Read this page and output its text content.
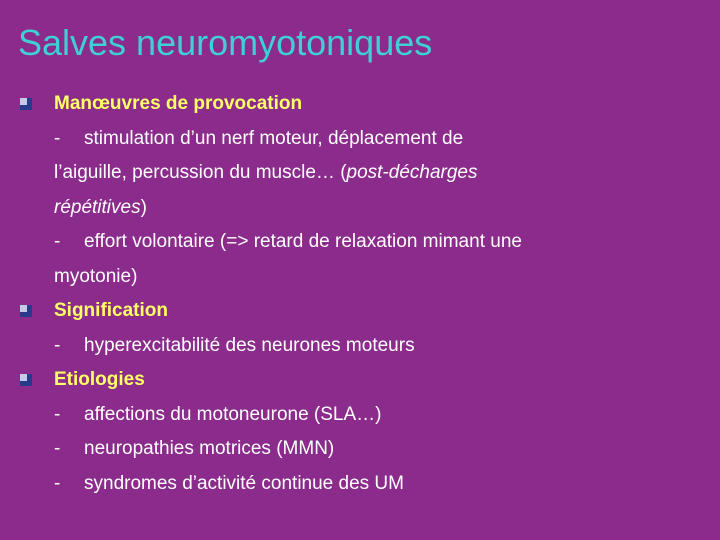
Salves neuromyotoniques
Manœuvres de provocation
- stimulation d’un nerf moteur, déplacement de
l’aiguille, percussion du muscle… (post-décharges
répétitives)
- effort volontaire (=> retard de relaxation mimant une
myotonie)
Signification
- hyperexcitabilité des neurones moteurs
Etiologies
- affections du motoneurone (SLA…)
- neuropathies motrices (MMN)
- syndromes d’activité continue des UM
